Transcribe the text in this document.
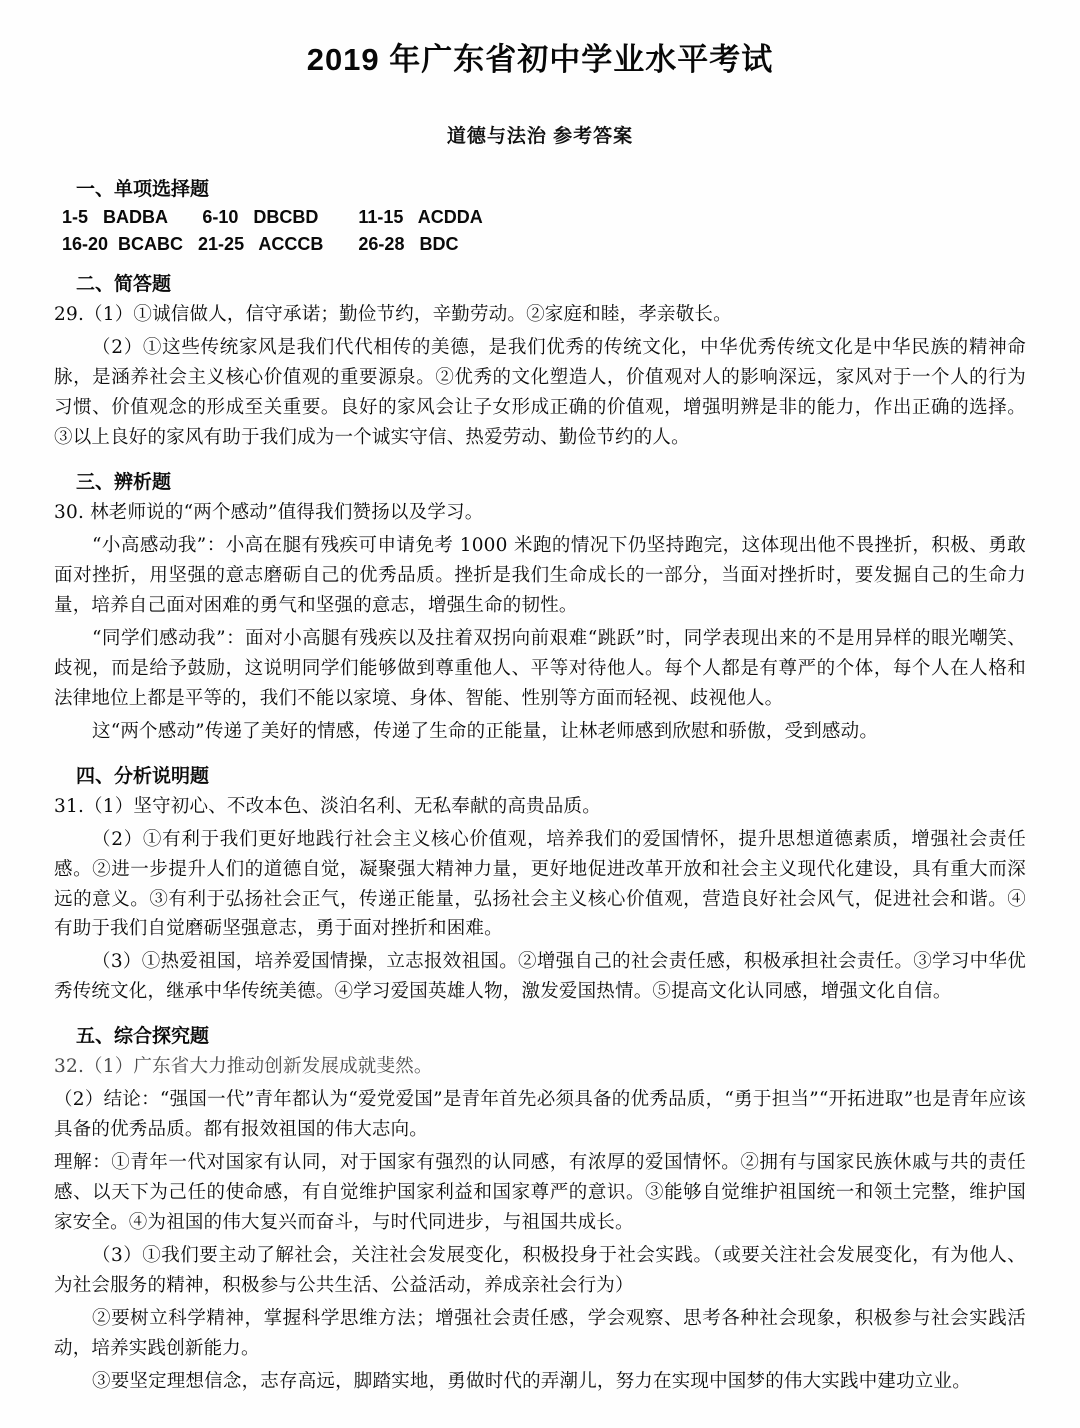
2019 年广东省初中学业水平考试
道德与法治 参考答案
一、单项选择题
1-5   BADBA       6-10   DBCBD        11-15   ACDDA
16-20  BCABC   21-25   ACCCB       26-28   BDC
二、简答题

29.（1）①诚信做人，信守承诺；勤俭节约，辛勤劳动。②家庭和睦，孝亲敬长。

（2）①这些传统家风是我们代代相传的美德，是我们优秀的传统文化，中华优秀传统文化是中华民族的精神命脉，是涵养社会主义核心价值观的重要源泉。②优秀的文化塑造人，价值观对人的影响深远，家风对于一个人的行为习惯、价值观念的形成至关重要。良好的家风会让子女形成正确的价值观，增强明辨是非的能力，作出正确的选择。③以上良好的家风有助于我们成为一个诚实守信、热爱劳动、勤俭节约的人。

三、辨析题

30. 林老师说的“两个感动”值得我们赞扬以及学习。

“小高感动我”：小高在腿有残疾可申请免考 1000 米跑的情况下仍坚持跑完，这体现出他不畏挫折，积极、勇敢面对挫折，用坚强的意志磨砺自己的优秀品质。挫折是我们生命成长的一部分，当面对挫折时，要发掘自己的生命力量，培养自己面对困难的勇气和坚强的意志，增强生命的韧性。

“同学们感动我”：面对小高腿有残疾以及拄着双拐向前艰难“跳跃”时，同学表现出来的不是用异样的眼光嘲笑、歧视，而是给予鼓励，这说明同学们能够做到尊重他人、平等对待他人。每个人都是有尊严的个体，每个人在人格和法律地位上都是平等的，我们不能以家境、身体、智能、性别等方面而轻视、歧视他人。

这“两个感动”传递了美好的情感，传递了生命的正能量，让林老师感到欣慰和骄傲，受到感动。

四、分析说明题

31.（1）坚守初心、不改本色、淡泊名利、无私奉献的高贵品质。

（2）①有利于我们更好地践行社会主义核心价值观，培养我们的爱国情怀，提升思想道德素质，增强社会责任感。②进一步提升人们的道德自觉，凝聚强大精神力量，更好地促进改革开放和社会主义现代化建设，具有重大而深远的意义。③有利于弘扬社会正气，传递正能量，弘扬社会主义核心价值观，营造良好社会风气，促进社会和谐。④有助于我们自觉磨砺坚强意志，勇于面对挫折和困难。

（3）①热爱祖国，培养爱国情操，立志报效祖国。②增强自己的社会责任感，积极承担社会责任。③学习中华优秀传统文化，继承中华传统美德。④学习爱国英雄人物，激发爱国热情。⑤提高文化认同感，增强文化自信。

五、综合探究题

32.（1）广东省大力推动创新发展成就斐然。

（2）结论：“强国一代”青年都认为“爱党爱国”是青年首先必须具备的优秀品质，“勇于担当”“开拓进取”也是青年应该具备的优秀品质。都有报效祖国的伟大志向。

理解：①青年一代对国家有认同，对于国家有强烈的认同感，有浓厚的爱国情怀。②拥有与国家民族休戚与共的责任感、以天下为己任的使命感，有自觉维护国家利益和国家尊严的意识。③能够自觉维护祖国统一和领土完整，维护国家安全。④为祖国的伟大复兴而奋斗，与时代同进步，与祖国共成长。

（3）①我们要主动了解社会，关注社会发展变化，积极投身于社会实践。（或要关注社会发展变化，有为他人、为社会服务的精神，积极参与公共生活、公益活动，养成亲社会行为）

②要树立科学精神，掌握科学思维方法；增强社会责任感，学会观察、思考各种社会现象，积极参与社会实践活动，培养实践创新能力。

③要坚定理想信念，志存高远，脚踏实地，勇做时代的弄潮儿，努力在实现中国梦的伟大实践中建功立业。
